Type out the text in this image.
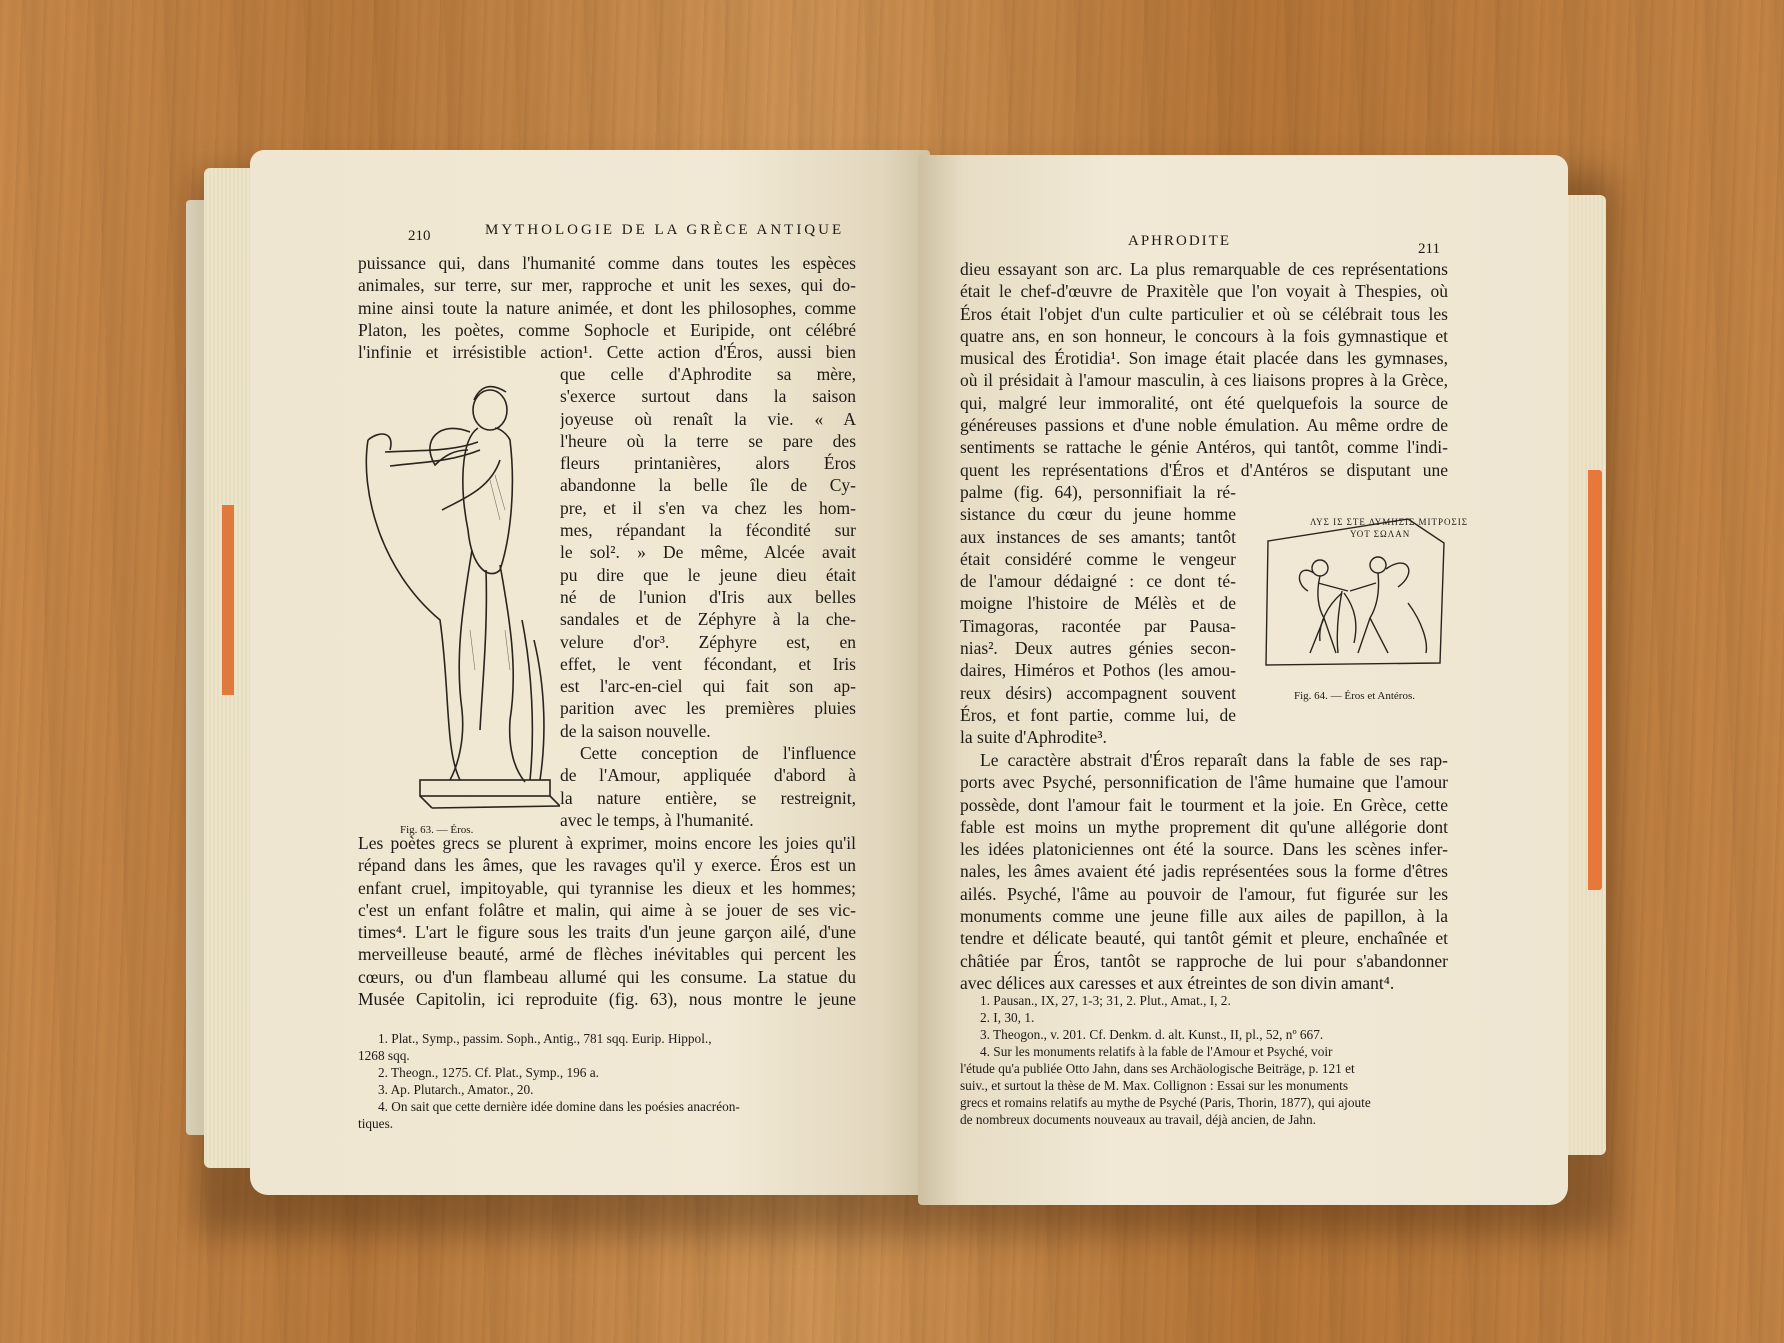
210	MYTHOLOGIE DE LA GRÈCE ANTIQUE
puissance qui, dans l'humanité comme dans toutes les espèces
animales, sur terre, sur mer, rapproche et unit les sexes, qui do-
mine ainsi toute la nature animée, et dont les philosophes, comme
Platon, les poètes, comme Sophocle et Euripide, ont célébré
l'infinie et irrésistible action¹. Cette action d'Éros, aussi bien
que celle d'Aphrodite sa mère,
s'exerce surtout dans la saison
joyeuse où renaît la vie. « A
l'heure où la terre se pare des
fleurs printanières, alors Éros
abandonne la belle île de Cy-
pre, et il s'en va chez les hom-
mes, répandant la fécondité sur
le sol². » De même, Alcée avait
pu dire que le jeune dieu était
né de l'union d'Iris aux belles
sandales et de Zéphyre à la che-
velure d'or³. Zéphyre est, en
effet, le vent fécondant, et Iris
est l'arc-en-ciel qui fait son ap-
parition avec les premières pluies
de la saison nouvelle.
Cette conception de l'influence
de l'Amour, appliquée d'abord à
la nature entière, se restreignit,
avec le temps, à l'humanité.
Les poètes grecs se plurent à exprimer, moins encore les joies qu'il
répand dans les âmes, que les ravages qu'il y exerce. Éros est un
enfant cruel, impitoyable, qui tyrannise les dieux et les hommes;
c'est un enfant folâtre et malin, qui aime à se jouer de ses vic-
times⁴. L'art le figure sous les traits d'un jeune garçon ailé, d'une
merveilleuse beauté, armé de flèches inévitables qui percent les
cœurs, ou d'un flambeau allumé qui les consume. La statue du
Musée Capitolin, ici reproduite (fig. 63), nous montre le jeune
Fig. 63. — Éros.
1. Plat., Symp., passim. Soph., Antig., 781 sqq. Eurip. Hippol.,
1268 sqq.
2. Theogn., 1275. Cf. Plat., Symp., 196 a.
3. Ap. Plutarch., Amator., 20.
4. On sait que cette dernière idée domine dans les poésies anacréon-
tiques.
APHRODITE	211
dieu essayant son arc. La plus remarquable de ces représentations
était le chef-d'œuvre de Praxitèle que l'on voyait à Thespies, où
Éros était l'objet d'un culte particulier et où se célébrait tous les
quatre ans, en son honneur, le concours à la fois gymnastique et
musical des Érotidia¹. Son image était placée dans les gymnases,
où il présidait à l'amour masculin, à ces liaisons propres à la Grèce,
qui, malgré leur immoralité, ont été quelquefois la source de
généreuses passions et d'une noble émulation. Au même ordre de
sentiments se rattache le génie Antéros, qui tantôt, comme l'indi-
quent les représentations d'Éros et d'Antéros se disputant une
palme (fig. 64), personnifiait la ré-
sistance du cœur du jeune homme
aux instances de ses amants; tantôt
était considéré comme le vengeur
de l'amour dédaigné : ce dont té-
moigne l'histoire de Mélès et de
Timagoras, racontée par Pausa-
nias². Deux autres génies secon-
daires, Himéros et Pothos (les amou-
reux désirs) accompagnent souvent
Éros, et font partie, comme lui, de
la suite d'Aphrodite³.
Le caractère abstrait d'Éros reparaît dans la fable de ses rap-
ports avec Psyché, personnification de l'âme humaine que l'amour
possède, dont l'amour fait le tourment et la joie. En Grèce, cette
fable est moins un mythe proprement dit qu'une allégorie dont
les idées platoniciennes ont été la source. Dans les scènes infer-
nales, les âmes avaient été jadis représentées sous la forme d'êtres
ailés. Psyché, l'âme au pouvoir de l'amour, fut figurée sur les
monuments comme une jeune fille aux ailes de papillon, à la
tendre et délicate beauté, qui tantôt gémit et pleure, enchaînée et
châtiée par Éros, tantôt se rapproche de lui pour s'abandonner
avec délices aux caresses et aux étreintes de son divin amant⁴.
ΛΥΣ ΙΣ ΣΤΕ ΛΥΜΗΣΙΣ ΜΙΤΡΟΣΙΣ
ΥΟΤ ΣΩΛΑΝ
Fig. 64. — Éros et Antéros.
1. Pausan., IX, 27, 1-3; 31, 2. Plut., Amat., I, 2.
2. I, 30, 1.
3. Theogon., v. 201. Cf. Denkm. d. alt. Kunst., II, pl., 52, nº 667.
4. Sur les monuments relatifs à la fable de l'Amour et Psyché, voir
l'étude qu'a publiée Otto Jahn, dans ses Archäologische Beiträge, p. 121 et
suiv., et surtout la thèse de M. Max. Collignon : Essai sur les monuments
grecs et romains relatifs au mythe de Psyché (Paris, Thorin, 1877), qui ajoute
de nombreux documents nouveaux au travail, déjà ancien, de Jahn.
